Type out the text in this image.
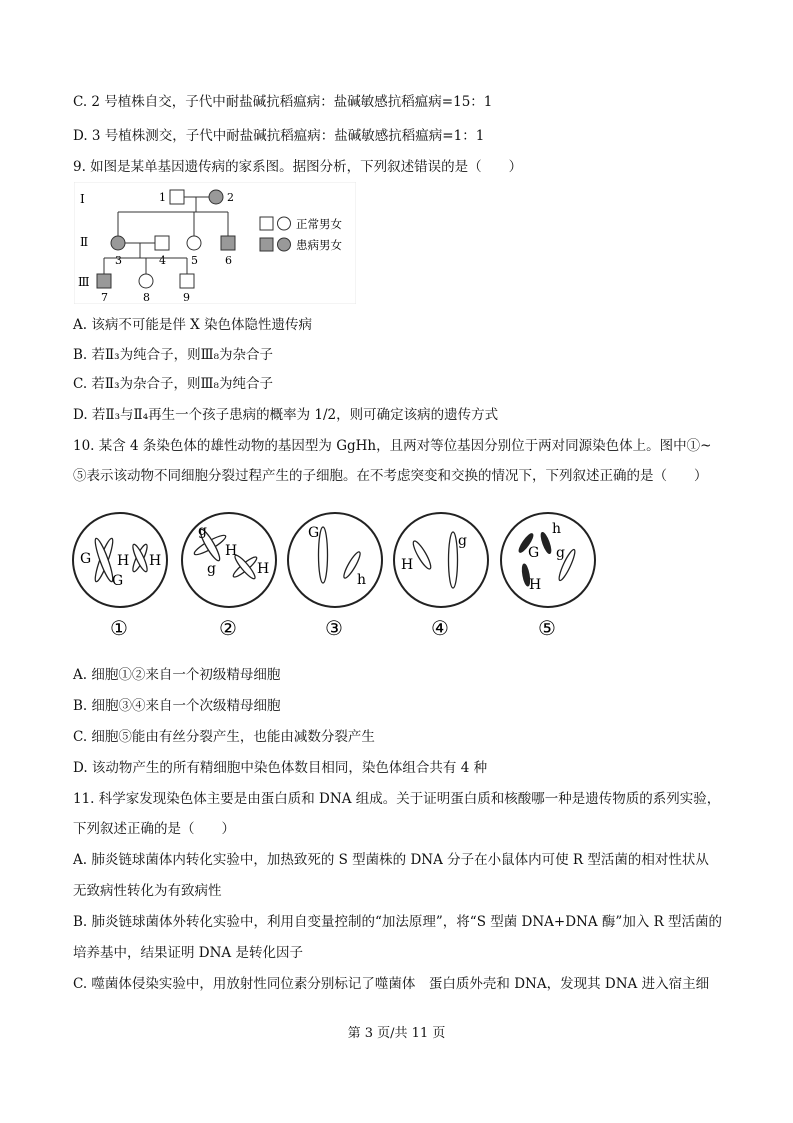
C. 2 号植株自交，子代中耐盐碱抗稻瘟病：盐碱敏感抗稻瘟病=15：1
D. 3 号植株测交，子代中耐盐碱抗稻瘟病：盐碱敏感抗稻瘟病=1：1
9. 如图是某单基因遗传病的家系图。据图分析，下列叙述错误的是（　　）
Ⅰ
Ⅱ
Ⅲ
1	2
3	4 5 6
7	8	9
正常男女
患病男女
A. 该病不可能是伴 X 染色体隐性遗传病
B. 若Ⅱ₃为纯合子，则Ⅲ₈为杂合子
C. 若Ⅱ₃为杂合子，则Ⅲ₈为纯合子
D. 若Ⅱ₃与Ⅱ₄再生一个孩子患病的概率为 1/2，则可确定该病的遗传方式
10. 某含 4 条染色体的雄性动物的基因型为 GgHh，且两对等位基因分别位于两对同源染色体上。图中①~
⑤表示该动物不同细胞分裂过程产生的子细胞。在不考虑突变和交换的情况下，下列叙述正确的是（　　）
G H
G
H
g
H
g	H
G
h
H
g
h
G g
H
①	②	③	④	⑤
A. 细胞①②来自一个初级精母细胞
B. 细胞③④来自一个次级精母细胞
C. 细胞⑤能由有丝分裂产生，也能由减数分裂产生
D. 该动物产生的所有精细胞中染色体数目相同，染色体组合共有 4 种
11. 科学家发现染色体主要是由蛋白质和 DNA 组成。关于证明蛋白质和核酸哪一种是遗传物质的系列实验，
下列叙述正确的是（　　）
A. 肺炎链球菌体内转化实验中，加热致死的 S 型菌株的 DNA 分子在小鼠体内可使 R 型活菌的相对性状从
无致病性转化为有致病性
B. 肺炎链球菌体外转化实验中，利用自变量控制的“加法原理”，将“S 型菌 DNA+DNA 酶”加入 R 型活菌的
培养基中，结果证明 DNA 是转化因子
C. 噬菌体侵染实验中，用放射性同位素分别标记了噬菌体　蛋白质外壳和 DNA，发现其 DNA 进入宿主细
第 3 页/共 11 页
